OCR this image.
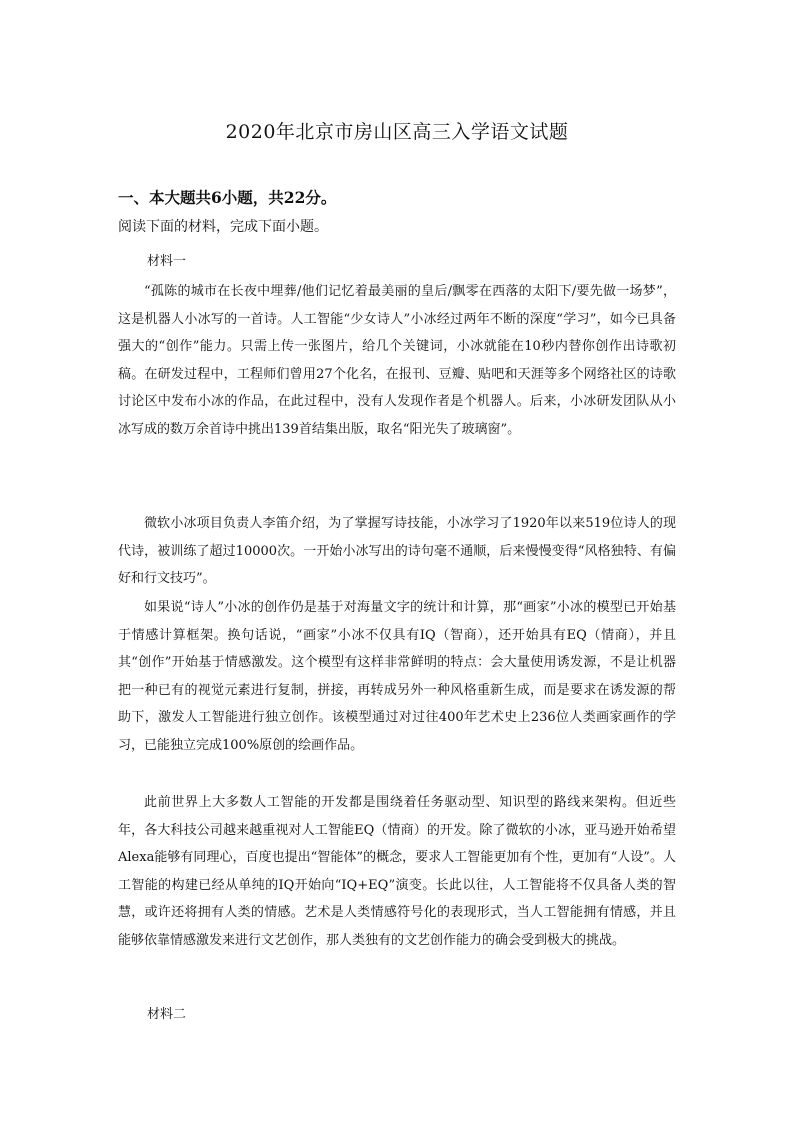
2020年北京市房山区高三入学语文试题
一、本大题共6小题，共22分。
阅读下面的材料，完成下面小题。
材料一

“孤陈的城市在长夜中埋葬/他们记忆着最美丽的皇后/飘零在西落的太阳下/要先做一场梦”，这是机器人小冰写的一首诗。人工智能“少女诗人”小冰经过两年不断的深度“学习”，如今已具备强大的“创作”能力。只需上传一张图片，给几个关键词，小冰就能在10秒内替你创作出诗歌初稿。在研发过程中，工程师们曾用27个化名，在报刊、豆瓣、贴吧和天涯等多个网络社区的诗歌讨论区中发布小冰的作品，在此过程中，没有人发现作者是个机器人。后来，小冰研发团队从小冰写成的数万余首诗中挑出139首结集出版，取名“阳光失了玻璃窗”。

微软小冰项目负责人李笛介绍，为了掌握写诗技能，小冰学习了1920年以来519位诗人的现代诗，被训练了超过10000次。一开始小冰写出的诗句毫不通顺，后来慢慢变得“风格独特、有偏好和行文技巧”。

如果说“诗人”小冰的创作仍是基于对海量文字的统计和计算，那“画家”小冰的模型已开始基于情感计算框架。换句话说，“画家”小冰不仅具有IQ（智商），还开始具有EQ（情商），并且其“创作”开始基于情感激发。这个模型有这样非常鲜明的特点：会大量使用诱发源，不是让机器把一种已有的视觉元素进行复制，拼接，再转成另外一种风格重新生成，而是要求在诱发源的帮助下，激发人工智能进行独立创作。该模型通过对过往400年艺术史上236位人类画家画作的学习，已能独立完成100%原创的绘画作品。

此前世界上大多数人工智能的开发都是围绕着任务驱动型、知识型的路线来架构。但近些年，各大科技公司越来越重视对人工智能EQ（情商）的开发。除了微软的小冰，亚马逊开始希望Alexa能够有同理心，百度也提出“智能体”的概念，要求人工智能更加有个性，更加有“人设”。人工智能的构建已经从单纯的IQ开始向“IQ+EQ”演变。长此以往，人工智能将不仅具备人类的智慧，或许还将拥有人类的情感。艺术是人类情感符号化的表现形式，当人工智能拥有情感，并且能够依靠情感激发来进行文艺创作，那人类独有的文艺创作能力的确会受到极大的挑战。

材料二
